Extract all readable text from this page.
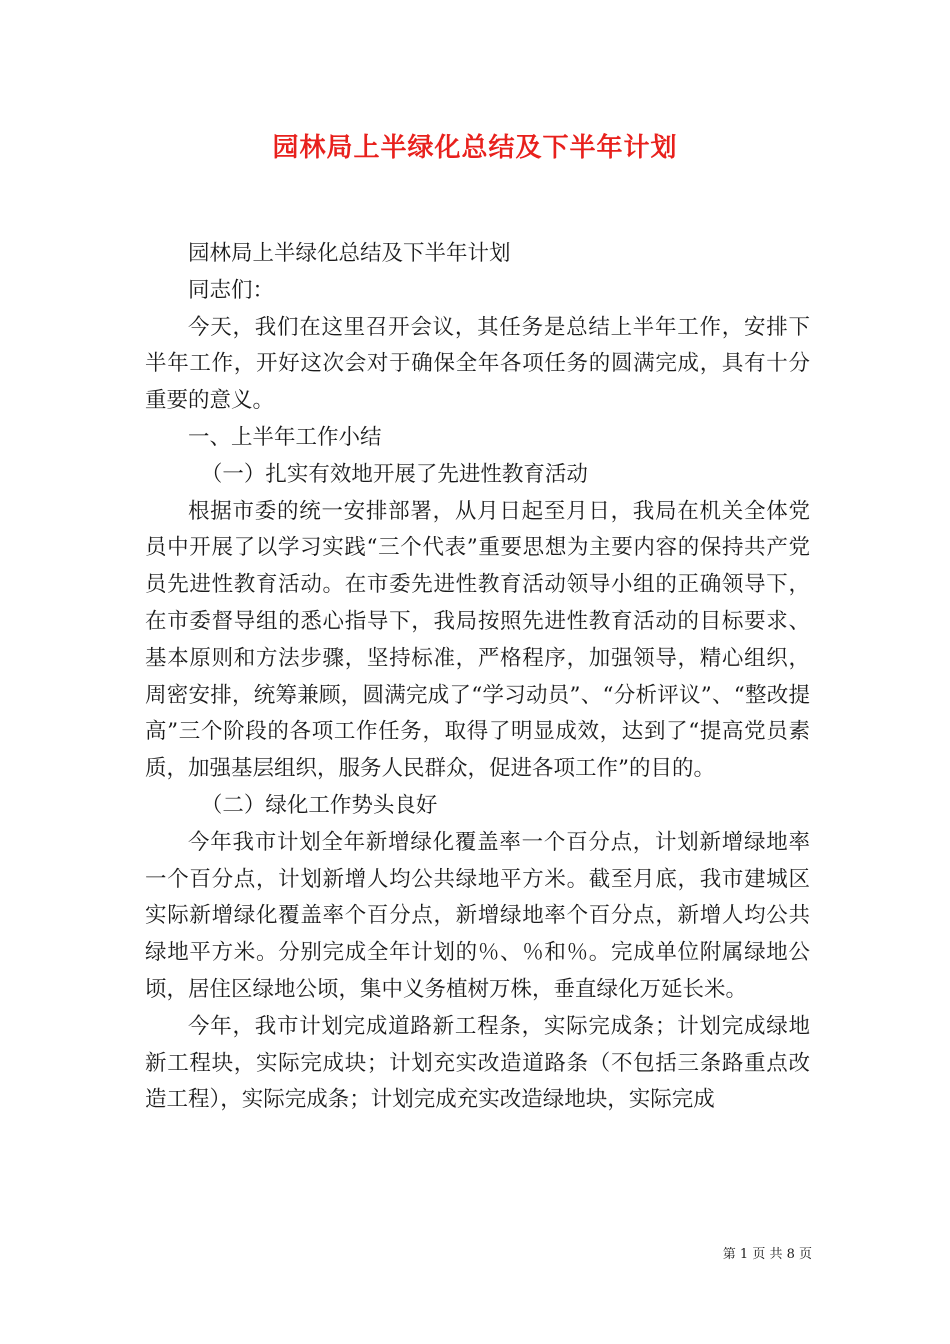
园林局上半绿化总结及下半年计划

园林局上半绿化总结及下半年计划

同志们：

今天，我们在这里召开会议，其任务是总结上半年工作，安排下半年工作，开好这次会对于确保全年各项任务的圆满完成，具有十分重要的意义。

一、上半年工作小结

（一）扎实有效地开展了先进性教育活动

根据市委的统一安排部署，从月日起至月日，我局在机关全体党员中开展了以学习实践“三个代表”重要思想为主要内容的保持共产党员先进性教育活动。在市委先进性教育活动领导小组的正确领导下，在市委督导组的悉心指导下，我局按照先进性教育活动的目标要求、基本原则和方法步骤，坚持标准，严格程序，加强领导，精心组织，周密安排，统筹兼顾，圆满完成了“学习动员”、“分析评议”、“整改提高”三个阶段的各项工作任务，取得了明显成效，达到了“提高党员素质，加强基层组织，服务人民群众，促进各项工作”的目的。

（二）绿化工作势头良好

今年我市计划全年新增绿化覆盖率一个百分点，计划新增绿地率一个百分点，计划新增人均公共绿地平方米。截至月底，我市建城区实际新增绿化覆盖率个百分点，新增绿地率个百分点，新增人均公共绿地平方米。分别完成全年计划的％、％和％。完成单位附属绿地公顷，居住区绿地公顷，集中义务植树万株，垂直绿化万延长米。

今年，我市计划完成道路新工程条，实际完成条；计划完成绿地新工程块，实际完成块；计划充实改造道路条（不包括三条路重点改造工程），实际完成条；计划完成充实改造绿地块，实际完成

第 1 页 共 8 页
